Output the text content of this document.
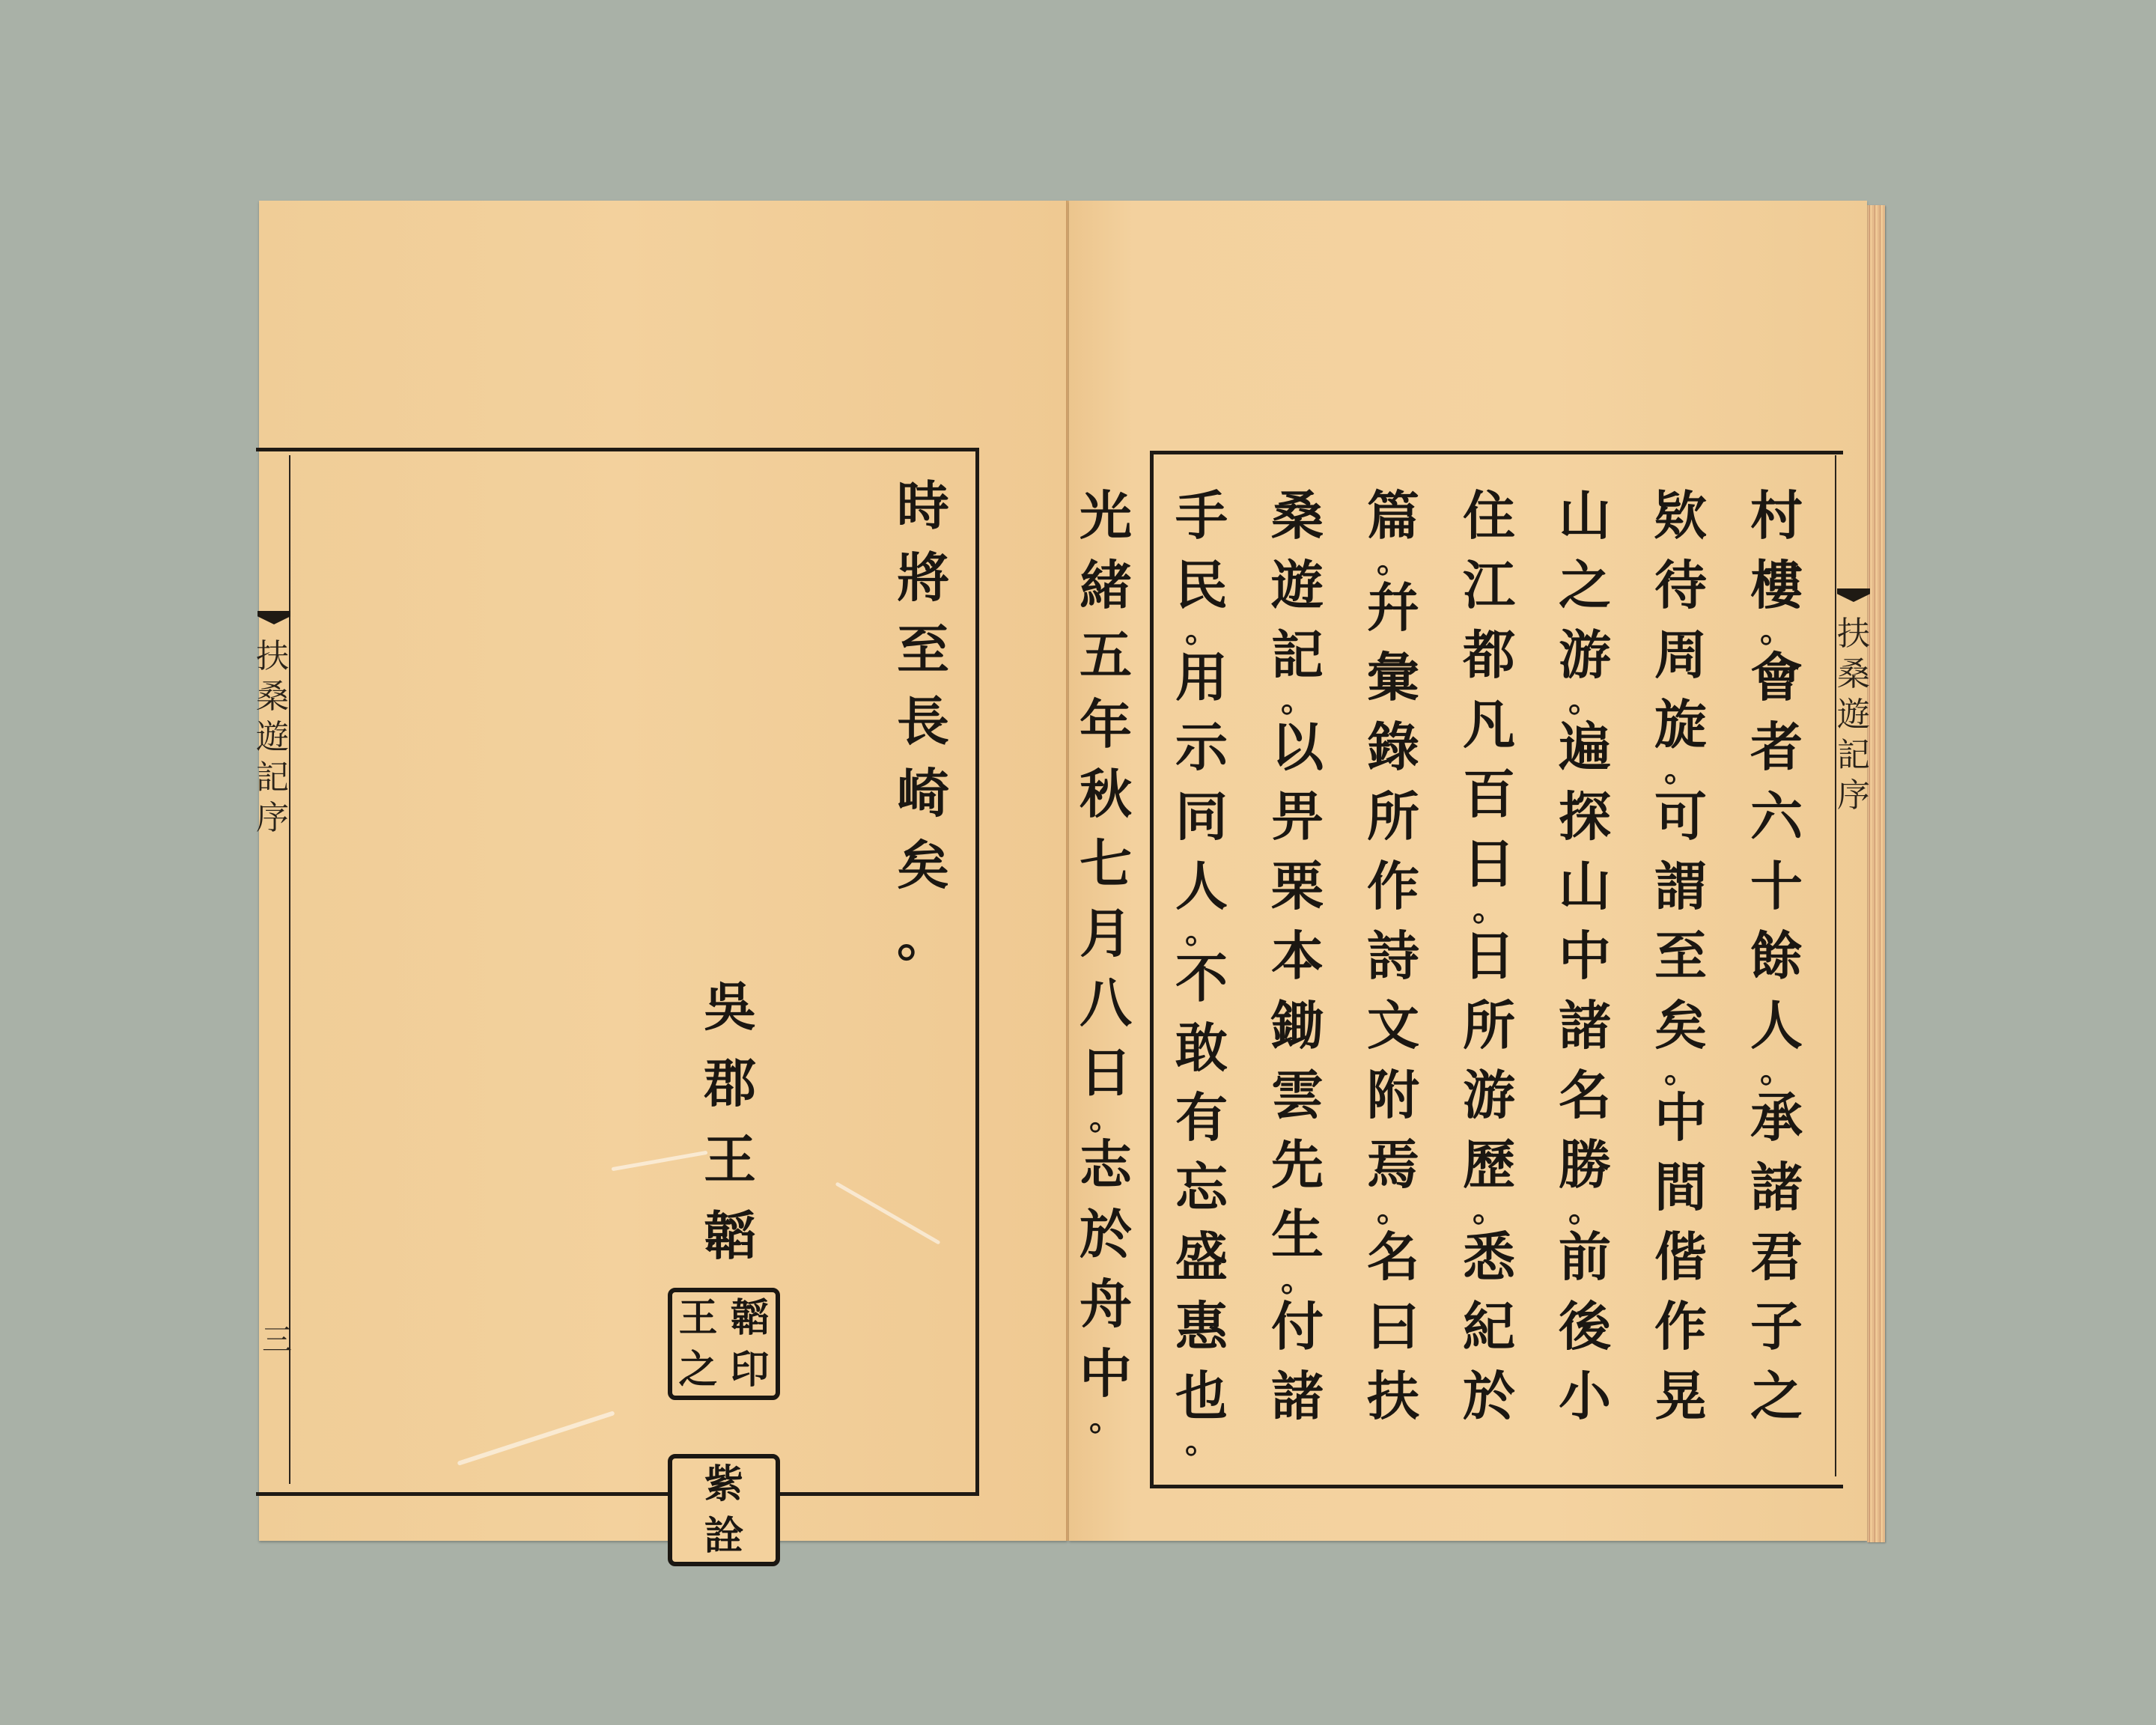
扶
桑
遊
記
序
三
時
將
至
長
崎
矣
。
吳
郡
王
韜
王 韜
之 印
紫
詮
扶
桑
遊
記
序
村
樓
。
會
者
六
十
餘
人
。
承
諸
君
子
之
欵
待
周
旋
。
可
謂
至
矣
。
中
間
偕
作
晃
山
之
游
。
遍
探
山
中
諸
名
勝
。
前
後
小
住
江
都
凡
百
日
。
日
所
游
歷
。
悉
紀
於
篇
。
幷
彙
錄
所
作
詩
文
附
焉
。
名
曰
扶
桑
遊
記
。
以
畀
栗
本
鋤
雲
先
生
。
付
諸
手
民
。
用
示
同
人
。
不
敢
有
忘
盛
惠
也
。
光
緒
五
年
秋
七
月
八
日
。
志
於
舟
中
。
